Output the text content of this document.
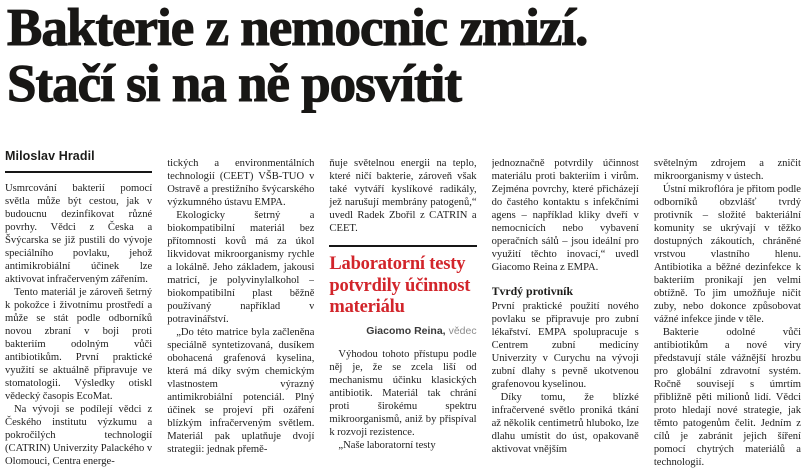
Bakterie z nemocnic zmizí.
Stačí si na ně posvítit
Miloslav Hradil

Usmrcování bakterií pomocí světla může být cestou, jak v budoucnu dezinfikovat různé povrhy. Vědci z Česka a Švýcarska se již pustili do vývoje speciálního povlaku, jehož antimikrobiální účinek lze aktivovat infračerveným zářením.

Tento materiál je zároveň šetrný k pokožce i životnímu prostředí a může se stát podle odborníků novou zbraní v boji proti bakteriím odolným vůči antibiotikům. První praktické využití se aktuálně připravuje ve stomatologii. Výsledky otiskl vědecký časopis EcoMat.

Na vývoji se podílejí vědci z Českého institutu výzkumu a pokročilých technologií (CATRIN) Univerzity Palackého v Olomouci, Centra energe-

tických a environmentálních technologií (CEET) VŠB-TUO v Ostravě a prestižního švýcarského výzkumného ústavu EMPA.

Ekologicky šetrný a biokompatibilní materiál bez přítomnosti kovů má za úkol likvidovat mikroorganismy rychle a lokálně. Jeho základem, jakousi matricí, je polyvinylalkohol – biokompatibilní plast běžně používaný například v potravinářství.

„Do této matrice byla začleněna speciálně syntetizovaná, dusíkem obohacená grafenová kyselina, která má díky svým chemickým vlastnostem výrazný antimikrobiální potenciál. Plný účinek se projeví při ozáření blízkým infračerveným světlem. Materiál pak uplatňuje dvojí strategii: jednak přemě-

ňuje světelnou energii na teplo, které ničí bakterie, zároveň však také vytváří kyslíkové radikály, jež narušují membrány patogenů,“ uvedl Radek Zbořil z CATRIN a CEET.

Laboratorní testy potvrdily účinnost materiálu
Giacomo Reina, vědec

Výhodou tohoto přístupu podle něj je, že se zcela liší od mechanismu účinku klasických antibiotik. Materiál tak chrání proti širokému spektru mikroorganismů, aniž by přispíval k rozvoji rezistence.

„Naše laboratorní testy

jednoznačně potvrdily účinnost materiálu proti bakteriím i virům. Zejména povrchy, které přicházejí do častého kontaktu s infekčními agens – například kliky dveří v nemocnicích nebo vybavení operačních sálů – jsou ideální pro využití těchto inovací,“ uvedl Giacomo Reina z EMPA.

Tvrdý protivník

První praktické použití nového povlaku se připravuje pro zubní lékařství. EMPA spolupracuje s Centrem zubní medicíny Univerzity v Curychu na vývoji zubní dlahy s pevně ukotvenou grafenovou kyselinou.

Díky tomu, že blízké infračervené světlo proniká tkání až několik centimetrů hluboko, lze dlahu umístit do úst, opakovaně aktivovat vnějším

světelným zdrojem a zničit mikroorganismy v ústech.

Ústní mikroflóra je přitom podle odborníků obzvlášť tvrdý protivník – složité bakteriální komunity se ukrývají v těžko dostupných zákoutích, chráněné vrstvou vlastního hlenu. Antibiotika a běžné dezinfekce k bakteriím pronikají jen velmi obtížně. To jim umožňuje ničit zuby, nebo dokonce způsobovat vážné infekce jinde v těle.

Bakterie odolné vůči antibiotikům a nové viry představují stále vážnější hrozbu pro globální zdravotní systém. Ročně souvisejí s úmrtím přibližně pěti milionů lidí. Vědci proto hledají nové strategie, jak těmto patogenům čelit. Jedním z cílů je zabránit jejich šíření pomocí chytrých materiálů a technologií.
